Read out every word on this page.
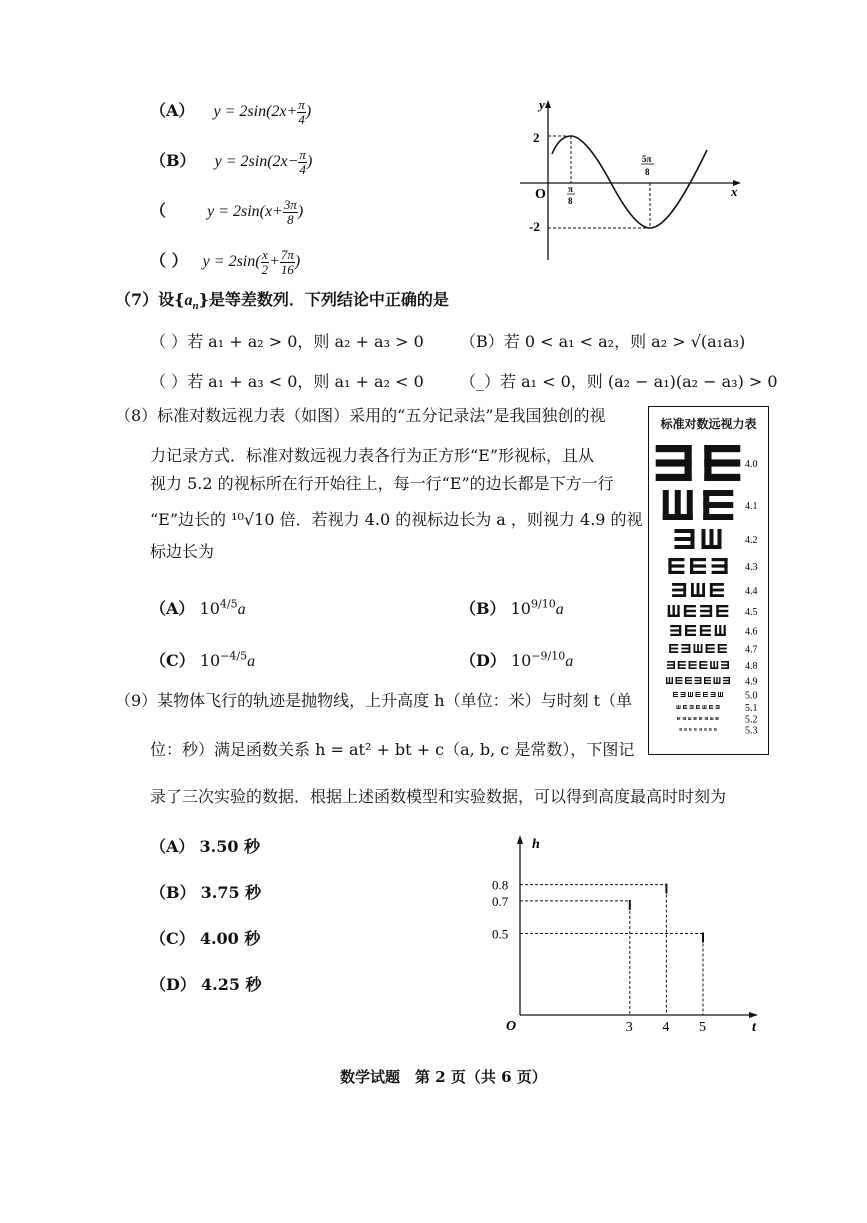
（A） $y = 2\sin(2x+ \frac{\pi}{4}$ )
（B） $y = 2\sin(2x- \frac{\pi}{4}$ )
（	$y = 2\sin(x+ \frac{3\pi}{8}$ )
（ ） $y = 2\sin( \frac{x}{2} + \frac{7\pi}{16}$ )
y
x
O
2
-2
π
8
5π
8
（7）设$\{a_n\}$是等差数列．下列结论中正确的是
（ ）若 a₁ + a₂ > 0，则 a₂ + a₃ > 0 （B）若 0 < a₁ < a₂，则 a₂ > √(a₁a₃)
（ ）若 a₁ + a₃ < 0，则 a₁ + a₂ < 0 （_）若 a₁ < 0，则 (a₂ − a₁)(a₂ − a₃) > 0
（8）标准对数远视力表（如图）采用的“五分记录法”是我国独创的视
力记录方式．标准对数远视力表各行为正方形“E”形视标，且从
视力 5.2 的视标所在行开始往上，每一行“E”的边长都是下方一行
“E”边长的 ¹⁰√10 倍．若视力 4.0 的视标边长为 a ，则视力 4.9 的视
标边长为
（A） $10^{4/5}a$	（B） $10^{9/10}a$
（C） $10^{-4/5}a$	（D） $10^{-9/10}a$
标准对数远视力表
4.0
4.1
4.2
4.3
4.4
4.5
4.6
4.7
4.8
4.9
5.0
5.1
5.2
5.3
（9）某物体飞行的轨迹是抛物线，上升高度 h（单位：米）与时刻 t（单
位：秒）满足函数关系 h = at² + bt + c（a, b, c 是常数），下图记
录了三次实验的数据．根据上述函数模型和实验数据，可以得到高度最高时时刻为
（A） 3.50 秒
（B） 3.75 秒
（C） 4.00 秒
（D） 4.25 秒
h
t
O	3
0.7
4
0.8
5
0.5
数学试题　第 2 页（共 6 页）
